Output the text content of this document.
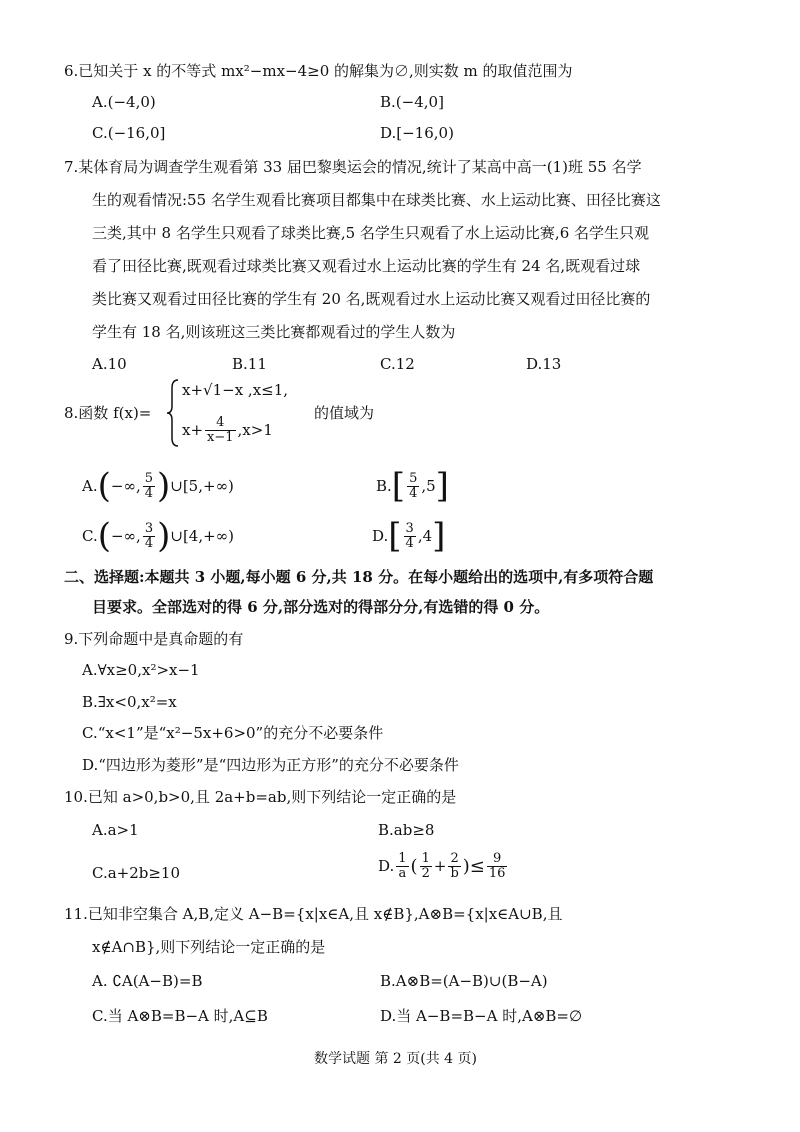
6.已知关于 x 的不等式 mx²−mx−4≥0 的解集为∅,则实数 m 的取值范围为
A.(−4,0)	B.(−4,0]
C.(−16,0]	D.[−16,0)
7.某体育局为调查学生观看第 33 届巴黎奥运会的情况,统计了某高中高一(1)班 55 名学
生的观看情况:55 名学生观看比赛项目都集中在球类比赛、水上运动比赛、田径比赛这
三类,其中 8 名学生只观看了球类比赛,5 名学生只观看了水上运动比赛,6 名学生只观
看了田径比赛,既观看过球类比赛又观看过水上运动比赛的学生有 24 名,既观看过球
类比赛又观看过田径比赛的学生有 20 名,既观看过水上运动比赛又观看过田径比赛的
学生有 18 名,则该班这三类比赛都观看过的学生人数为
A.10	B.11	C.12	D.13
8.函数 f(x)=
x+√1−x ,x≤1,
$x+ \frac{4}{x-1} ,x>1$
的值域为
A.(−∞, $\frac{5}{4}$ )∪[5,+∞)	$B.[ \frac{5}{4} ,5]$
C.(−∞, $\frac{3}{4}$ )∪[4,+∞)	$D.[ \frac{3}{4} ,4]$
二、选择题:本题共 3 小题,每小题 6 分,共 18 分。在每小题给出的选项中,有多项符合题
目要求。全部选对的得 6 分,部分选对的得部分分,有选错的得 0 分。
9.下列命题中是真命题的有
A.∀x≥0,x²>x−1
B.∃x<0,x²=x
C.“x<1”是“x²−5x+6>0”的充分不必要条件
D.“四边形为菱形”是“四边形为正方形”的充分不必要条件
10.已知 a>0,b>0,且 2a+b=ab,则下列结论一定正确的是
A.a>1	B.ab≥8
C.a+2b≥10	D. $\frac{1}{a}$ ( $\frac{1}{2} + \frac{2}{b}$ )≤ $\frac{9}{16}$
11.已知非空集合 A,B,定义 A−B={x|x∈A,且 x∉B},A⊗B={x|x∈A∪B,且
x∉A∩B},则下列结论一定正确的是
A. ∁A(A−B)=B	B.A⊗B=(A−B)∪(B−A)
C.当 A⊗B=B−A 时,A⊆B	D.当 A−B=B−A 时,A⊗B=∅
数学试题 第 2 页(共 4 页)
